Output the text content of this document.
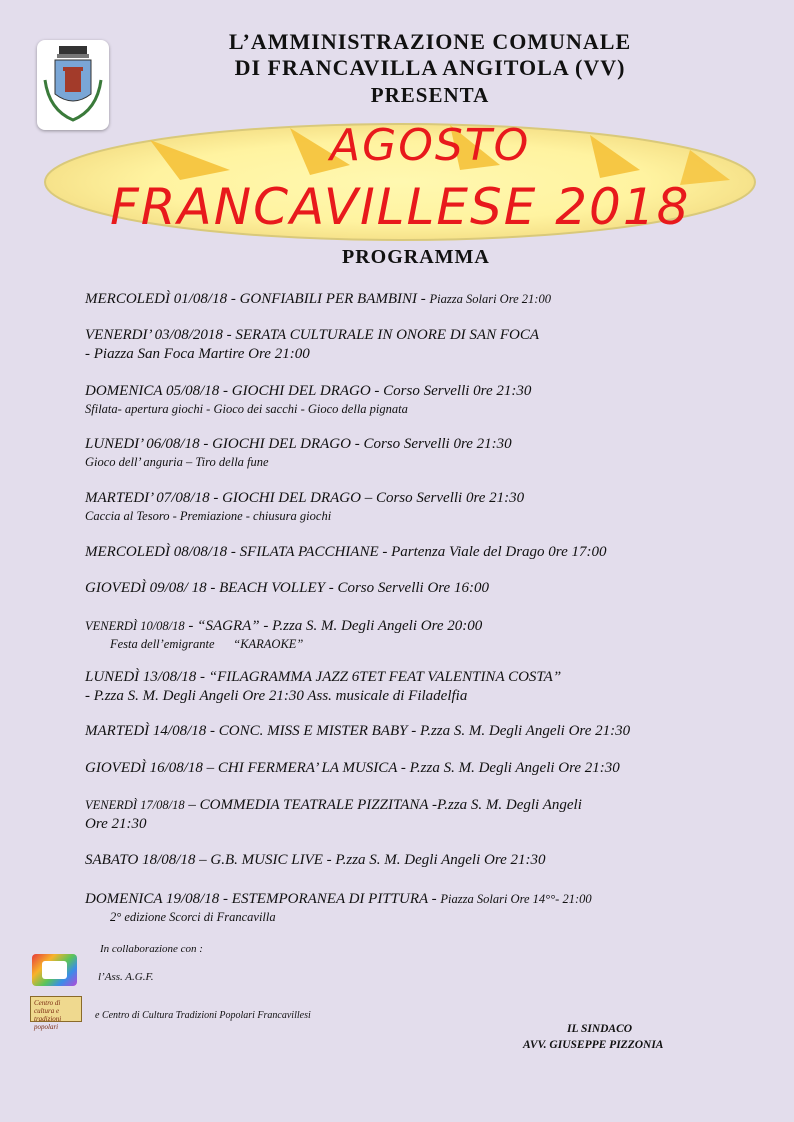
L’AMMINISTRAZIONE COMUNALE
DI FRANCAVILLA ANGITOLA (VV)
PRESENTA
AGOSTO
FRANCAVILLESE 2018
PROGRAMMA
MERCOLEDÌ 01/08/18 - GONFIABILI PER BAMBINI - Piazza Solari Ore 21:00
VENERDI’ 03/08/2018 - SERATA CULTURALE IN ONORE DI SAN FOCA
- Piazza San Foca Martire Ore 21:00
DOMENICA 05/08/18 - GIOCHI DEL DRAGO - Corso Servelli 0re 21:30
Sfilata- apertura giochi - Gioco dei sacchi - Gioco della pignata
LUNEDI’ 06/08/18 - GIOCHI DEL DRAGO - Corso Servelli 0re 21:30
Gioco dell’ anguria – Tiro della fune
MARTEDI’ 07/08/18 - GIOCHI DEL DRAGO – Corso Servelli 0re 21:30
Caccia al Tesoro - Premiazione - chiusura giochi
MERCOLEDÌ 08/08/18 - SFILATA PACCHIANE - Partenza Viale del Drago 0re 17:00
GIOVEDÌ 09/08/ 18 - BEACH VOLLEY - Corso Servelli Ore 16:00
VENERDÌ 10/08/18 - “SAGRA” - P.zza S. M. Degli Angeli Ore 20:00
Festa dell’emigrante      “KARAOKE”
LUNEDÌ 13/08/18 - “FILAGRAMMA JAZZ 6TET FEAT VALENTINA COSTA”
- P.zza S. M. Degli Angeli Ore 21:30 Ass. musicale di Filadelfia
MARTEDÌ 14/08/18 - CONC. MISS E MISTER BABY - P.zza S. M. Degli Angeli Ore 21:30
GIOVEDÌ 16/08/18 – CHI FERMERA’ LA MUSICA - P.zza S. M. Degli Angeli Ore 21:30
VENERDÌ 17/08/18 – COMMEDIA TEATRALE PIZZITANA -P.zza S. M. Degli Angeli
Ore 21:30
SABATO 18/08/18 – G.B. MUSIC LIVE - P.zza S. M. Degli Angeli Ore 21:30
DOMENICA 19/08/18 - ESTEMPORANEA DI PITTURA - Piazza Solari Ore 14°°- 21:00
2° edizione Scorci di Francavilla
In collaborazione con :
l’Ass. A.G.F.
Centro di cultura e tradizioni popolari
e Centro di Cultura Tradizioni Popolari Francavillesi
IL SINDACO
AVV. GIUSEPPE PIZZONIA
